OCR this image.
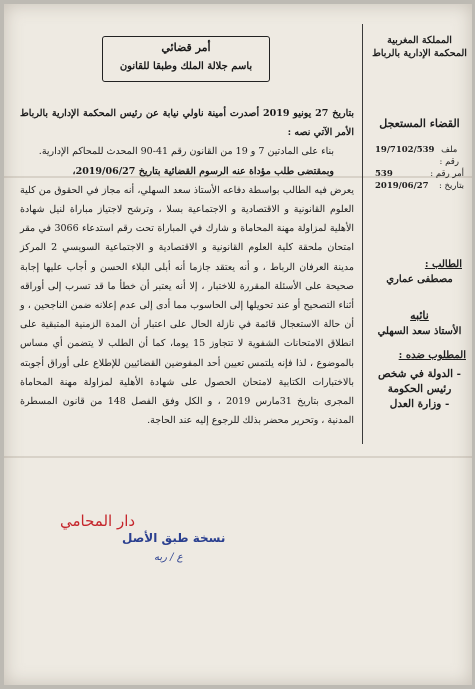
أمر قضائي
باسم جلالة الملك وطبقا للقانون
المملكة المغربية
المحكمة الإدارية بالرباط
القضاء المستعجل
ملف رقم :
19/7102/539
أمر رقم :
539
بتاريخ :
2019/06/27
الطالب :
مصطفى عماري
نائبه
الأستاذ سعد السهلي
المطلوب ضده :
- الدولة في شخص
رئيس الحكومة
- وزارة العدل

بتاريخ 27 يونيو 2019 أصدرت أمينة ناولي نيابة عن رئيس المحكمة الإدارية بالرباط الأمر الآتي نصه :

بناء على المادتين 7 و 19 من القانون رقم 41-90 المحدث للمحاكم الإدارية.

وبمقتضى طلب مؤداة عنه الرسوم القضائية بتاريخ 2019/06/27،

يعرض فيه الطالب بواسطة دفاعه الأستاذ سعد السهلي، أنه مجاز في الحقوق من كلية العلوم القانونية و الاقتصادية و الاجتماعية بسلا ، وترشح لاجتياز مباراة لنيل شهادة الأهلية لمزاولة مهنة المحاماة و شارك في المباراة تحت رقم استدعاء 3066 في مقر امتحان ملحقة كلية العلوم القانونية و الاقتصادية و الاجتماعية السويسي 2 المركز مدينة العرفان الرباط ، و أنه يعتقد جازما أنه أبلى البلاء الحسن و أجاب عليها إجابة صحيحة على الأسئلة المقررة للاختبار ، إلا أنه يعتبر أن خطأ ما قد تسرب إلى أوراقه أثناء التصحيح أو عند تحويلها إلى الحاسوب مما أدى إلى عدم إعلانه ضمن الناجحين ، و أن حالة الاستعجال قائمة في نازلة الحال على اعتبار أن المدة الزمنية المتبقية على انطلاق الامتحانات الشفوية لا تتجاوز 15 يوما، كما أن الطلب لا يتضمن أي مساس بالموضوع ، لذا فإنه يلتمس تعيين أحد المفوضين القضائيين للإطلاع على أوراق أجوبته بالاختبارات الكتابية لامتحان الحصول على شهادة الأهلية لمزاولة مهنة المحاماة المجرى بتاريخ 31مارس 2019 ، و الكل وفق الفصل 148 من قانون المسطرة المدنية ، وتحرير محضر بذلك للرجوع إليه عند الحاجة.

دار المحامي
نسخة طبق الأصل
ع / ربه
